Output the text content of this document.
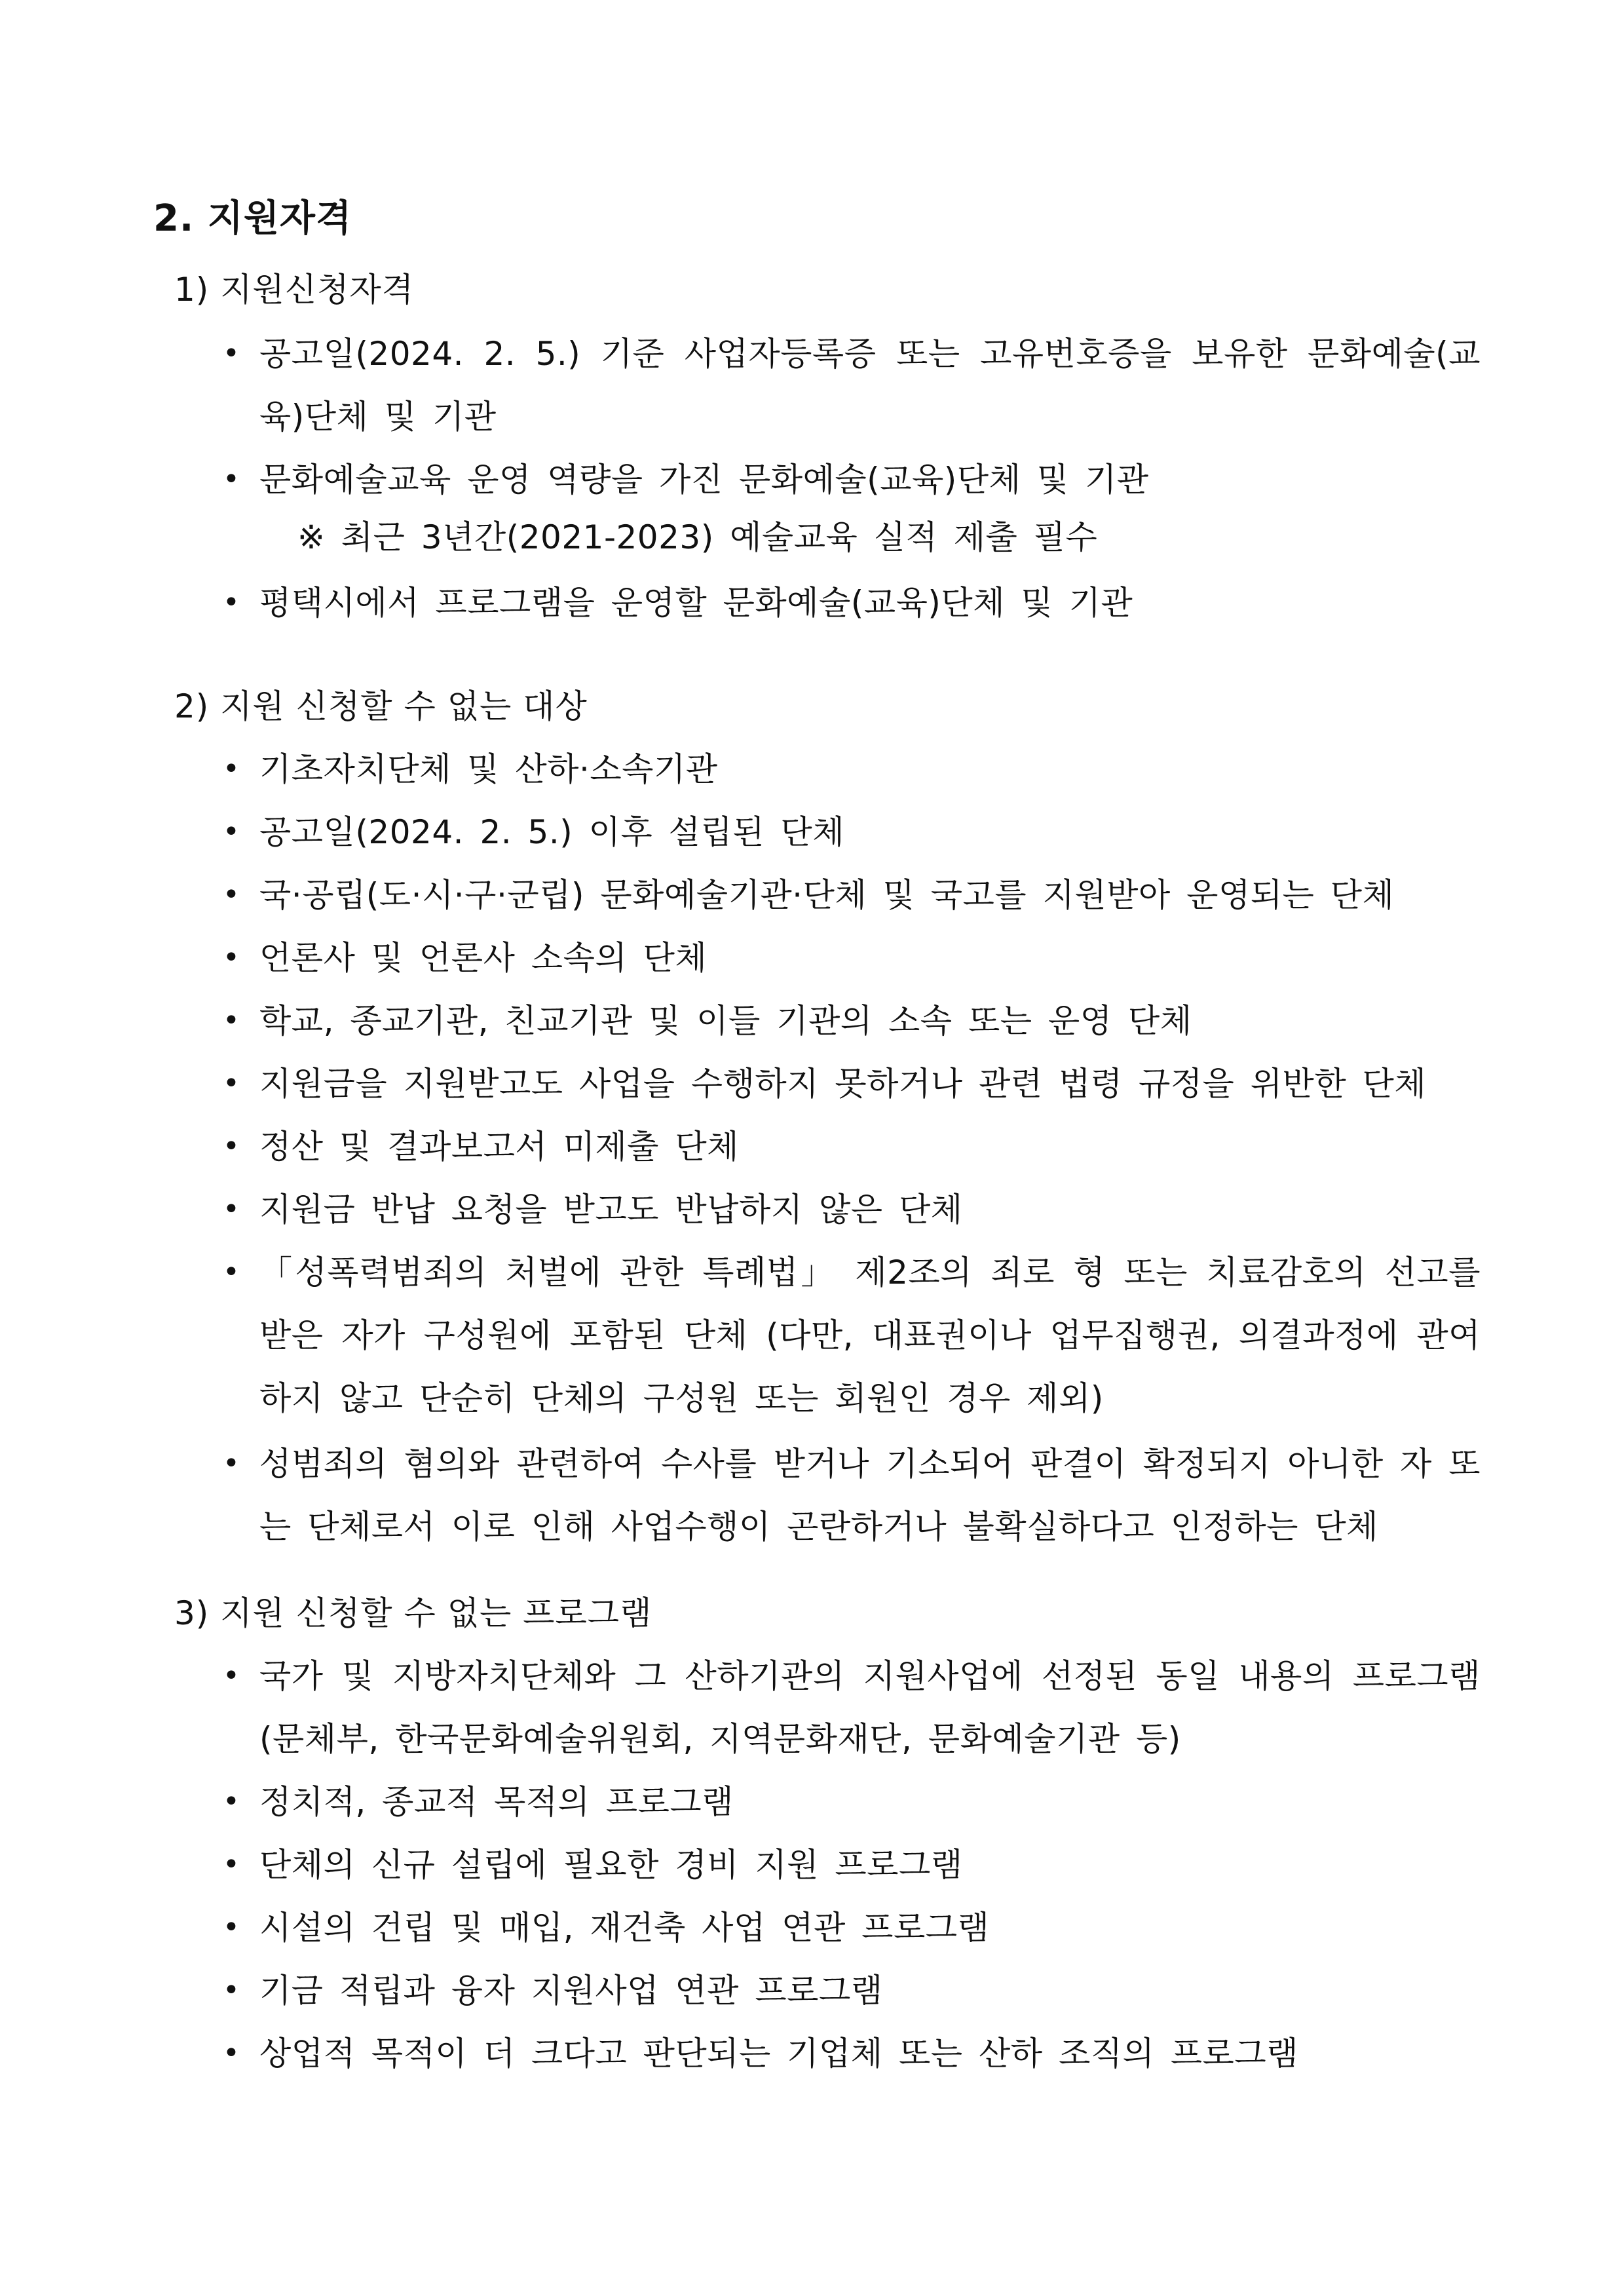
2. 지원자격
1) 지원신청자격
• 공고일(2024. 2. 5.) 기준 사업자등록증 또는 고유번호증을 보유한 문화예술(교육)단체 및 기관
• 문화예술교육 운영 역량을 가진 문화예술(교육)단체 및 기관
※ 최근 3년간(2021-2023) 예술교육 실적 제출 필수
• 평택시에서 프로그램을 운영할 문화예술(교육)단체 및 기관
2) 지원 신청할 수 없는 대상
• 기초자치단체 및 산하·소속기관
• 공고일(2024. 2. 5.) 이후 설립된 단체
• 국·공립(도·시·구·군립) 문화예술기관·단체 및 국고를 지원받아 운영되는 단체
• 언론사 및 언론사 소속의 단체
• 학교, 종교기관, 친교기관 및 이들 기관의 소속 또는 운영 단체
• 지원금을 지원받고도 사업을 수행하지 못하거나 관련 법령 규정을 위반한 단체
• 정산 및 결과보고서 미제출 단체
• 지원금 반납 요청을 받고도 반납하지 않은 단체
• 「성폭력범죄의 처벌에 관한 특례법」 제2조의 죄로 형 또는 치료감호의 선고를 받은 자가 구성원에 포함된 단체 (다만, 대표권이나 업무집행권, 의결과정에 관여하지 않고 단순히 단체의 구성원 또는 회원인 경우 제외)
• 성범죄의 혐의와 관련하여 수사를 받거나 기소되어 판결이 확정되지 아니한 자 또는 단체로서 이로 인해 사업수행이 곤란하거나 불확실하다고 인정하는 단체
3) 지원 신청할 수 없는 프로그램
• 국가 및 지방자치단체와 그 산하기관의 지원사업에 선정된 동일 내용의 프로그램(문체부, 한국문화예술위원회, 지역문화재단, 문화예술기관 등)
• 정치적, 종교적 목적의 프로그램
• 단체의 신규 설립에 필요한 경비 지원 프로그램
• 시설의 건립 및 매입, 재건축 사업 연관 프로그램
• 기금 적립과 융자 지원사업 연관 프로그램
• 상업적 목적이 더 크다고 판단되는 기업체 또는 산하 조직의 프로그램
